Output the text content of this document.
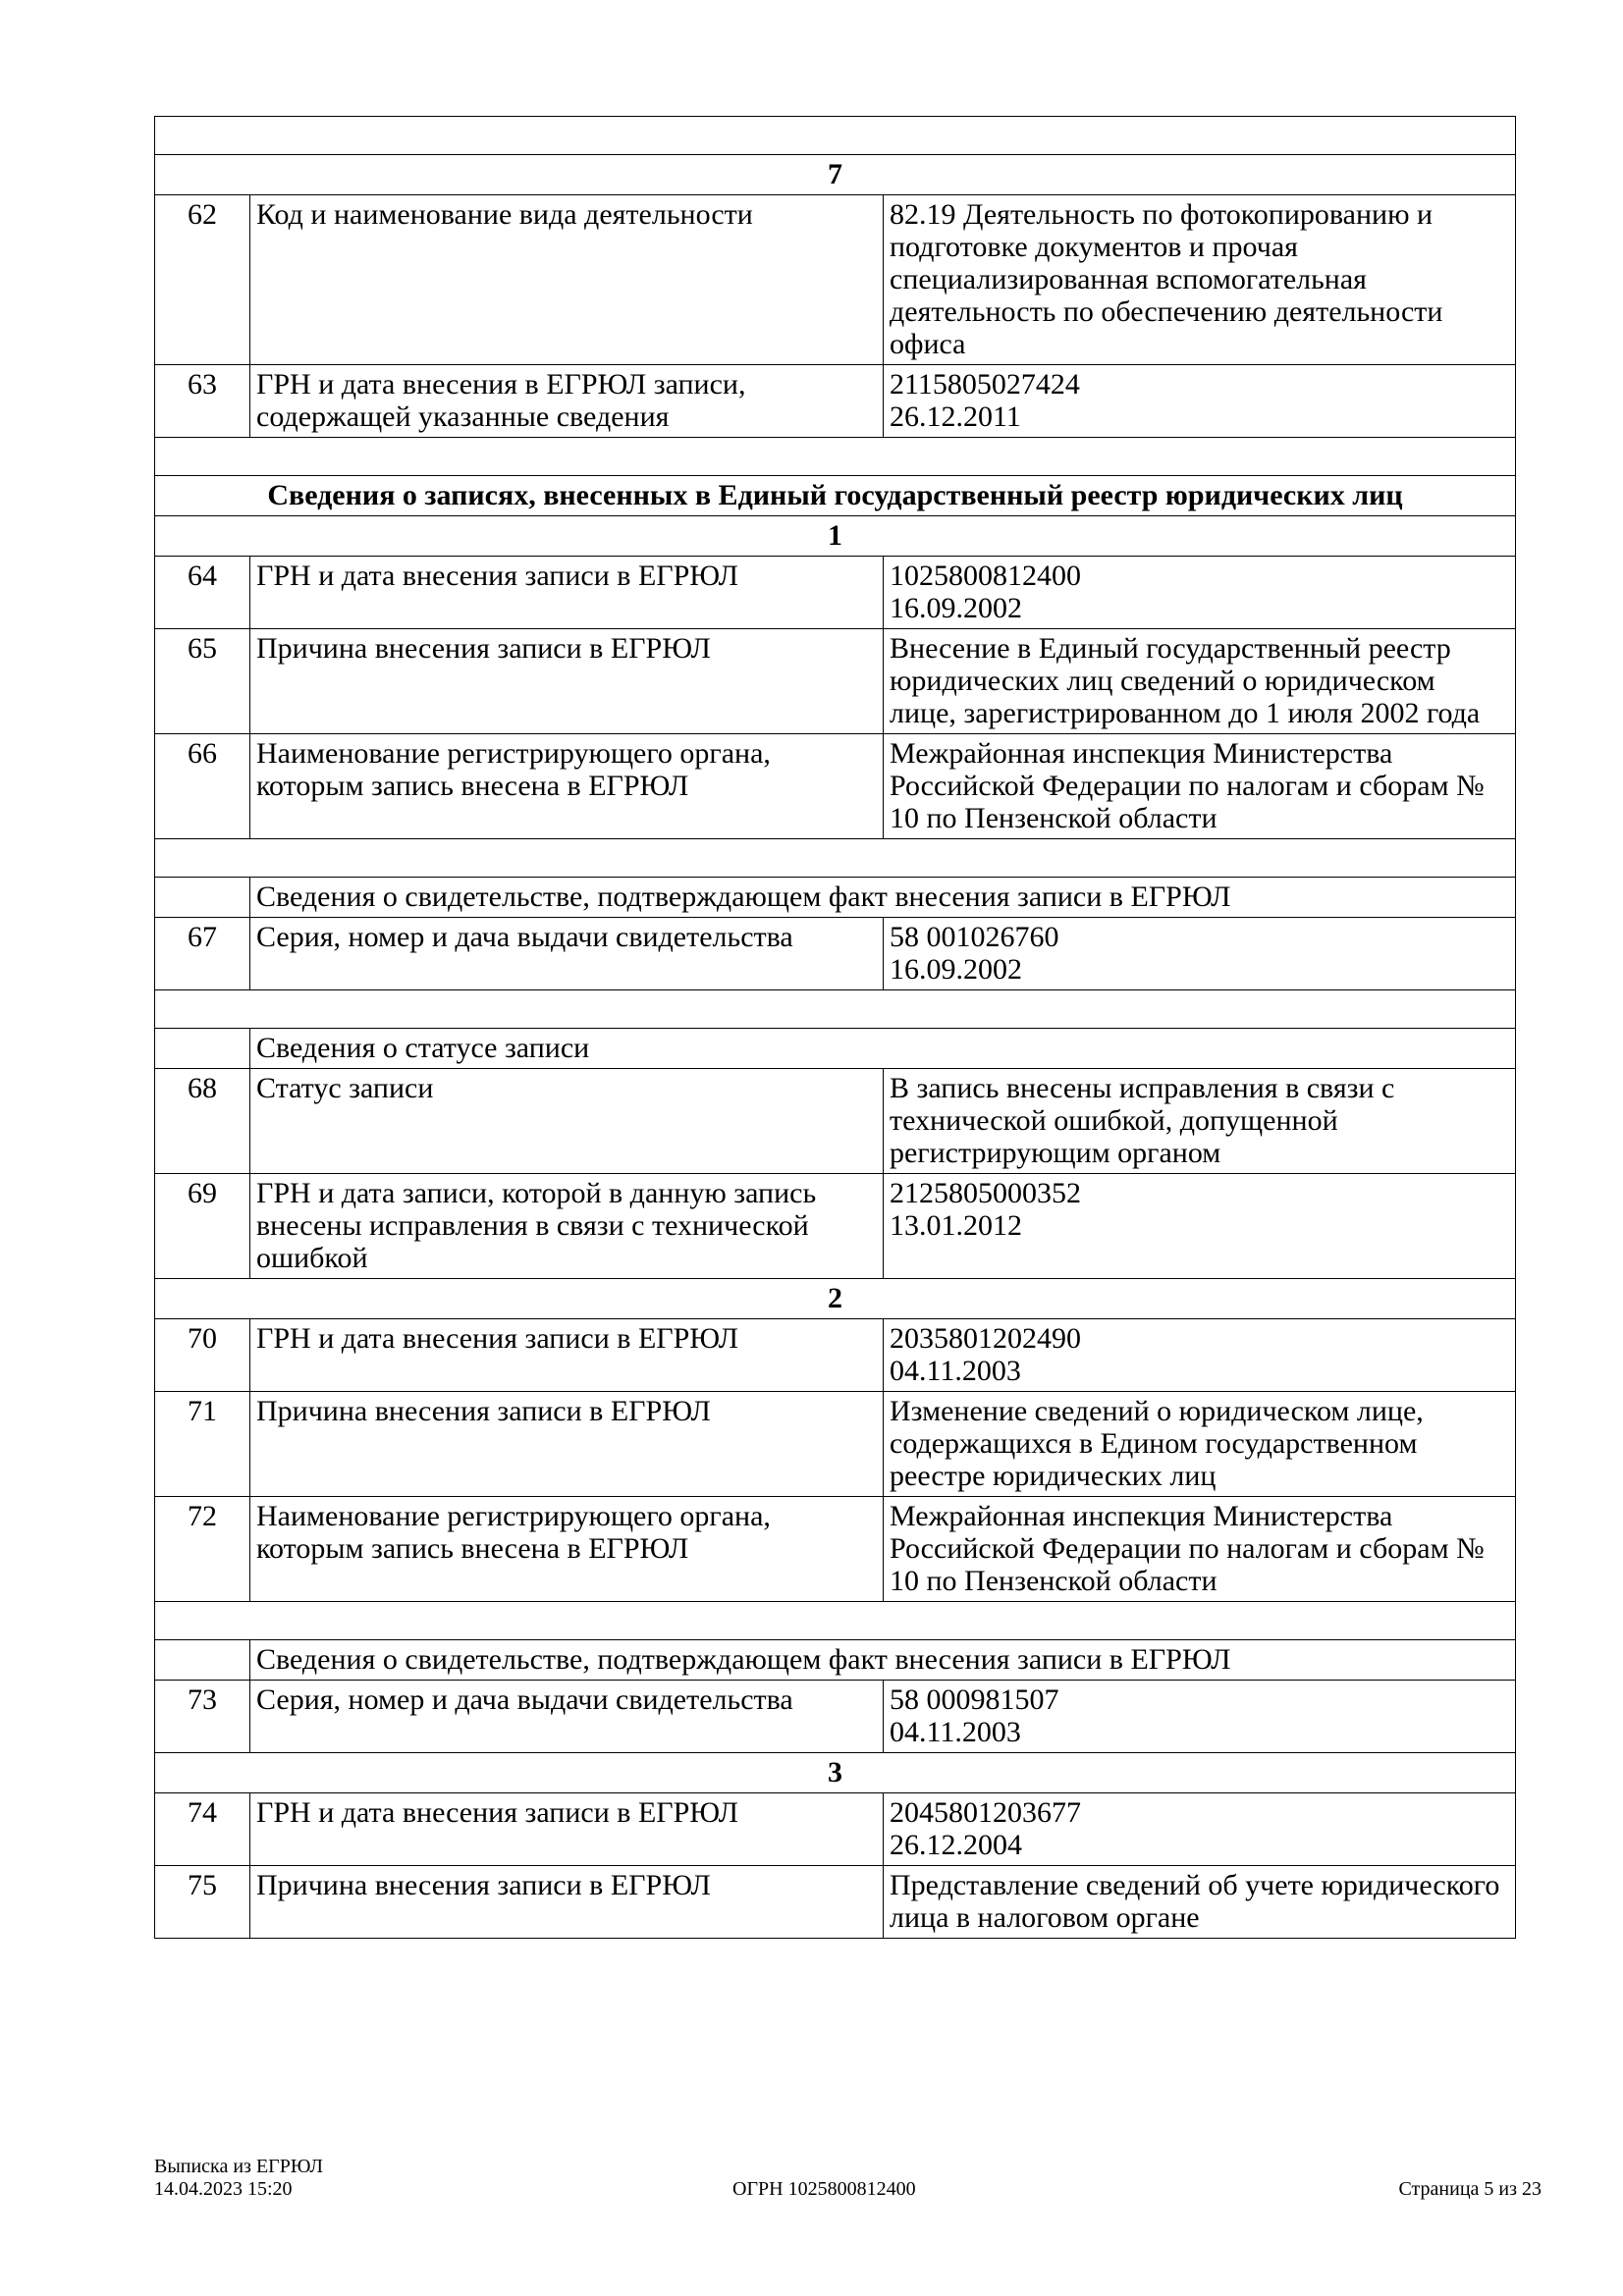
7		
62	Код и наименование вида деятельности	82.19 Деятельность по фотокопированию и подготовке документов и прочая специализированная вспомогательная деятельность по обеспечению деятельности офиса
63	ГРН и дата внесения в ЕГРЮЛ записи, содержащей указанные сведения	2115805027424
26.12.2011

Сведения о записях, внесенных в Единый государственный реестр юридических лиц		
1		
64	ГРН и дата внесения записи в ЕГРЮЛ	1025800812400
16.09.2002
65	Причина внесения записи в ЕГРЮЛ	Внесение в Единый государственный реестр юридических лиц сведений о юридическом лице, зарегистрированном до 1 июля 2002 года
66	Наименование регистрирующего органа, которым запись внесена в ЕГРЮЛ	Межрайонная инспекция Министерства Российской Федерации по налогам и сборам № 10 по Пензенской области

	Сведения о свидетельстве, подтверждающем факт внесения записи в ЕГРЮЛ	
67	Серия, номер и дача выдачи свидетельства	58 001026760
16.09.2002

	Сведения о статусе записи	
68	Статус записи	В запись внесены исправления в связи с технической ошибкой, допущенной регистрирующим органом
69	ГРН и дата записи, которой в данную запись внесены исправления в связи с технической ошибкой	2125805000352
13.01.2012
2		
70	ГРН и дата внесения записи в ЕГРЮЛ	2035801202490
04.11.2003
71	Причина внесения записи в ЕГРЮЛ	Изменение сведений о юридическом лице, содержащихся в Едином государственном реестре юридических лиц
72	Наименование регистрирующего органа, которым запись внесена в ЕГРЮЛ	Межрайонная инспекция Министерства Российской Федерации по налогам и сборам № 10 по Пензенской области

	Сведения о свидетельстве, подтверждающем факт внесения записи в ЕГРЮЛ	
73	Серия, номер и дача выдачи свидетельства	58 000981507
04.11.2003
3		
74	ГРН и дата внесения записи в ЕГРЮЛ	2045801203677
26.12.2004
75	Причина внесения записи в ЕГРЮЛ	Представление сведений об учете юридического лица в налоговом органе
Выписка из ЕГРЮЛ
14.04.2023 15:20	ОГРН 1025800812400	Страница 5 из 23
